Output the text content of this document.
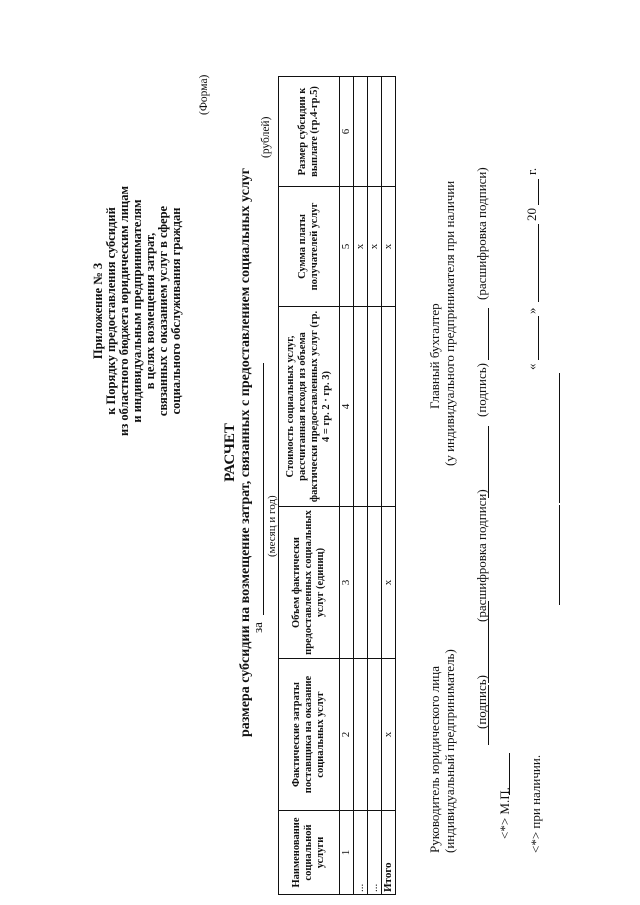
Приложение № 3 к Порядку предоставления субсидий из областного бюджета юридическим лицам и индивидуальным предпринимателям в целях возмещения затрат, связанных с оказанием услуг в сфере социального обслуживания граждан
(Форма)
РАСЧЕТ размера субсидии на возмещение затрат, связанных с предоставлением социальных услуг
за
(месяц и год)
(рублей)
Наименование социальной услуги	Фактические затраты поставщика на оказание социальных услуг	Объем фактически предоставленных социальных услуг (единиц)	Стоимость социальных услуг, рассчитанная исходя из объема фактически предоставленных услуг (гр. 4 = гр. 2 · гр. 3)	Сумма платы получателей услуг	Размер субсидии к выплате (гр.4-гр.5)
1	2	3	4	5	6
...				x	
...				x	
Итого	x	x		x	
Руководитель юридического лица (индивидуальный предприниматель) (подпись)
(расшифровка подписи)
Главный бухгалтер (у индивидуального предпринимателя при наличии (подпись)
(расшифровка подписи)
<*> М.П.
«
»
20
г.
<*> при наличии.
